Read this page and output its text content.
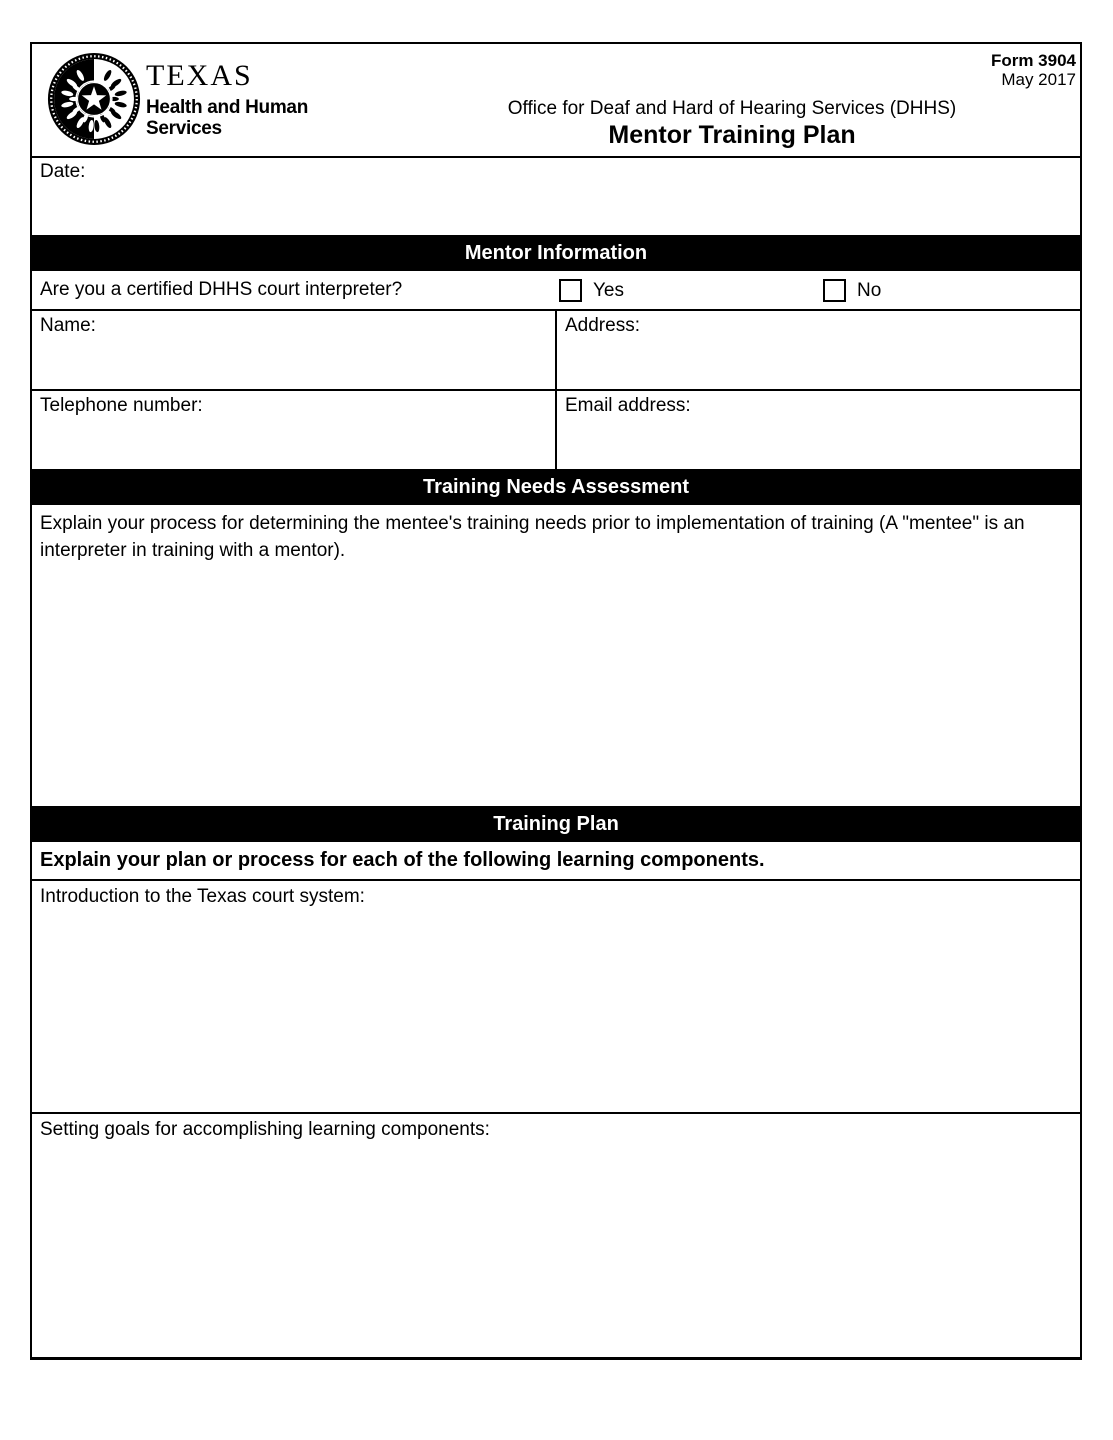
TEXAS
Health and Human
Services
Office for Deaf and Hard of Hearing Services (DHHS)
Mentor Training Plan
Form 3904
May 2017
Date:
Mentor Information
Are you a certified DHHS court interpreter?	Yes	No
Name:	Address:
Telephone number:	Email address:
Training Needs Assessment
Explain your process for determining the mentee's training needs prior to implementation of training (A "mentee" is an interpreter in training with a mentor).
Training Plan
Explain your plan or process for each of the following learning components.
Introduction to the Texas court system:
Setting goals for accomplishing learning components:
